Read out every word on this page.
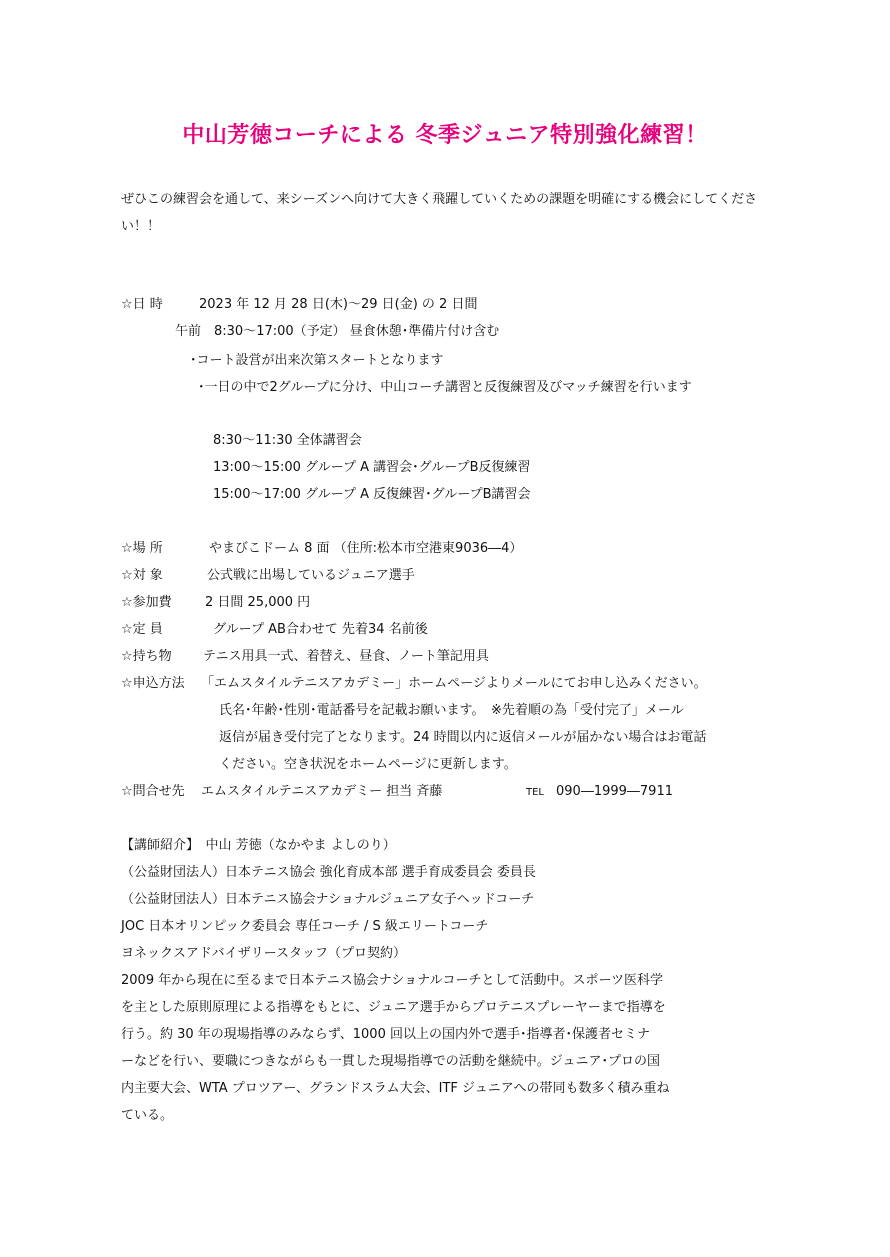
中山芳徳コーチによる 冬季ジュニア特別強化練習！
ぜひこの練習会を通して、来シーズンへ向けて大きく飛躍していくための課題を明確にする機会にしてくださ
い！！
☆日 時	2023 年 12 月 28 日(木)～29 日(金) の 2 日間
午前　8:30～17:00（予定） 昼食休憩･準備片付け含む
･コート設営が出来次第スタートとなります
･一日の中で2グループに分け、中山コーチ講習と反復練習及びマッチ練習を行います
8:30～11:30 全体講習会
13:00～15:00 グループ A 講習会･グループB反復練習
15:00～17:00 グループ A 反復練習･グループB講習会
☆場 所	やまびこドーム 8 面 （住所:松本市空港東9036―4）
☆対 象	公式戦に出場しているジュニア選手
☆参加費	2 日間 25,000 円
☆定 員	グループ AB合わせて 先着34 名前後
☆持ち物 テニス用具一式、着替え、昼食、ノート筆記用具
☆申込方法 「エムスタイルテニスアカデミー」ホームページよりメールにてお申し込みください。
氏名･年齢･性別･電話番号を記載お願います。　※先着順の為「受付完了」メール
返信が届き受付完了となります。24 時間以内に返信メールが届かない場合はお電話
ください。空き状況をホームページに更新します。
☆問合せ先 エムスタイルテニスアカデミー 担当 斉藤	TEL 090―1999―7911
【講師紹介】　中山 芳徳（なかやま よしのり）
（公益財団法人）日本テニス協会 強化育成本部 選手育成委員会 委員長
（公益財団法人）日本テニス協会ナショナルジュニア女子ヘッドコーチ
JOC 日本オリンピック委員会 専任コーチ / S 級エリートコーチ
ヨネックスアドバイザリースタッフ（プロ契約）
2009 年から現在に至るまで日本テニス協会ナショナルコーチとして活動中。スポーツ医科学
を主とした原則原理による指導をもとに、ジュニア選手からプロテニスプレーヤーまで指導を
行う。約 30 年の現場指導のみならず、1000 回以上の国内外で選手･指導者･保護者セミナ
ーなどを行い、要職につきながらも一貫した現場指導での活動を継続中。ジュニア･プロの国
内主要大会、WTA プロツアー、グランドスラム大会、ITF ジュニアへの帯同も数多く積み重ね
ている。
